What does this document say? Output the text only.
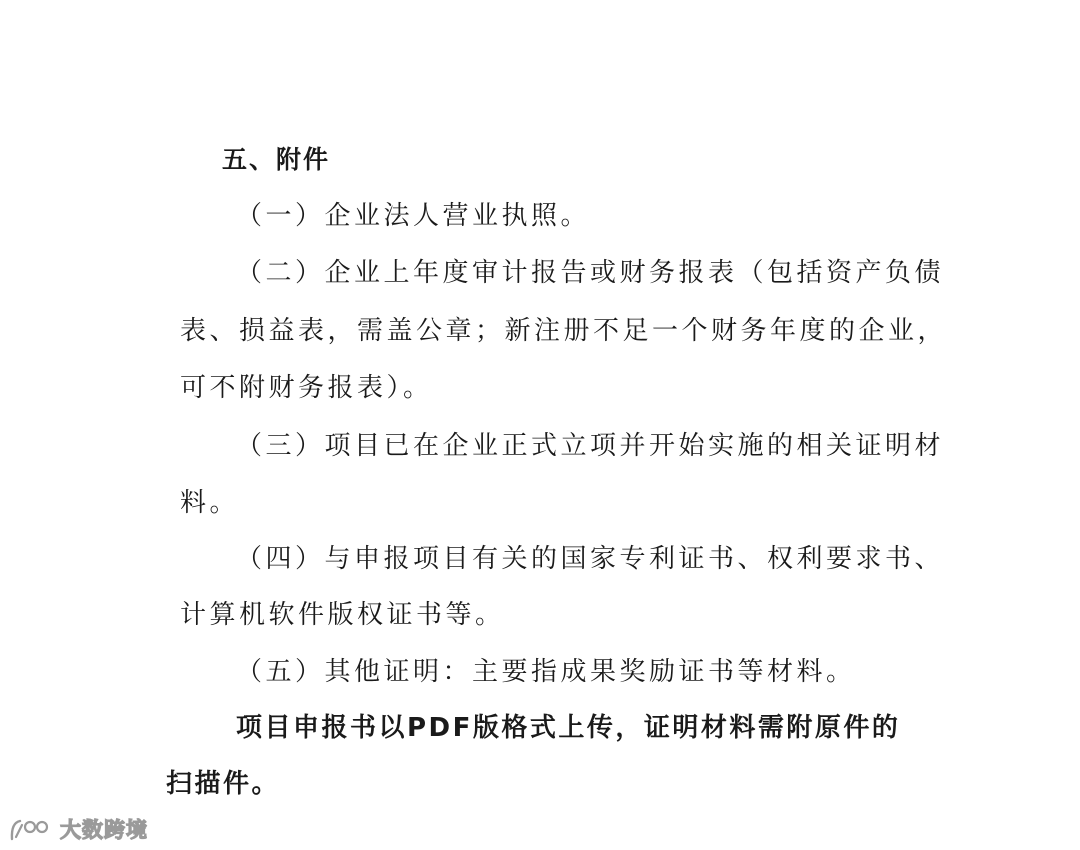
五、附件
（一）企业法人营业执照。
（二）企业上年度审计报告或财务报表（包括资产负债
表、损益表，需盖公章；新注册不足一个财务年度的企业，
可不附财务报表）。
（三）项目已在企业正式立项并开始实施的相关证明材
料。
（四）与申报项目有关的国家专利证书、权利要求书、
计算机软件版权证书等。
（五）其他证明：主要指成果奖励证书等材料。
项目申报书以PDF版格式上传，证明材料需附原件的
扫描件。
大数跨境
